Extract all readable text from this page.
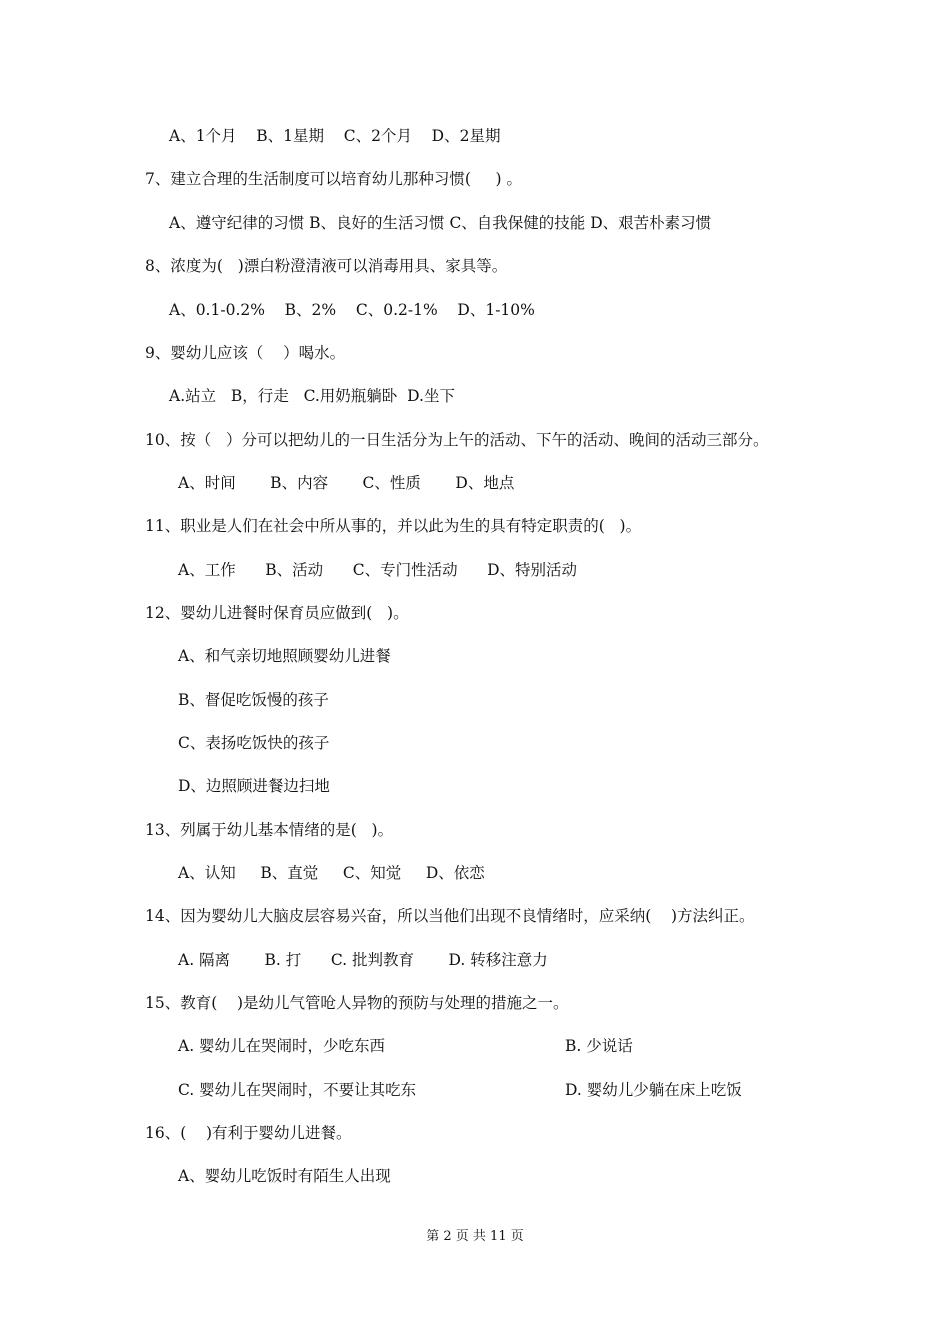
A、1个月    B、1星期    C、2个月    D、2星期
7、建立合理的生活制度可以培育幼儿那种习惯(     ) 。
A、遵守纪律的习惯 B、良好的生活习惯 C、自我保健的技能 D、艰苦朴素习惯
8、浓度为(   )漂白粉澄清液可以消毒用具、家具等。
A、0.1-0.2%    B、2%    C、0.2-1%    D、1-10%
9、婴幼儿应该（    ）喝水。
A.站立   B，行走   C.用奶瓶躺卧  D.坐下
10、按（   ）分可以把幼儿的一日生活分为上午的活动、下午的活动、晚间的活动三部分。
A、时间       B、内容       C、性质       D、地点
11、职业是人们在社会中所从事的，并以此为生的具有特定职责的(   )。
A、工作      B、活动      C、专门性活动      D、特别活动
12、婴幼儿进餐时保育员应做到(   )。
A、和气亲切地照顾婴幼儿进餐
B、督促吃饭慢的孩子
C、表扬吃饭快的孩子
D、边照顾进餐边扫地
13、列属于幼儿基本情绪的是(   )。
A、认知     B、直觉     C、知觉     D、依恋
14、因为婴幼儿大脑皮层容易兴奋，所以当他们出现不良情绪时，应采纳(    )方法纠正。
A. 隔离       B. 打      C. 批判教育       D. 转移注意力
15、教育(    )是幼儿气管呛人异物的预防与处理的措施之一。
A. 婴幼儿在哭闹时，少吃东西	B. 少说话
C. 婴幼儿在哭闹时，不要让其吃东	D. 婴幼儿少躺在床上吃饭
16、(    )有利于婴幼儿进餐。
A、婴幼儿吃饭时有陌生人出现
第 2 页 共 11 页
